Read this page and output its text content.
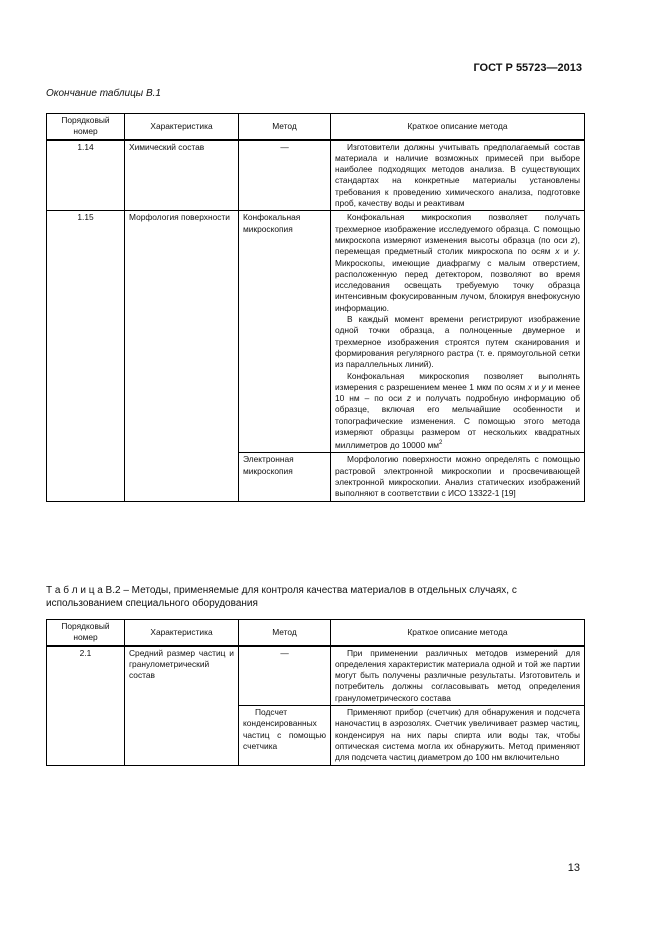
ГОСТ Р 55723—2013
Окончание таблицы В.1
Порядковый номер	Характеристика	Метод	Краткое описание метода
1.14	Химический состав	—	Изготовители должны учитывать предполагаемый состав материала и наличие возможных примесей при выборе наиболее подходящих методов анализа. В существующих стандартах на конкретные материалы установлены требования к проведению химического анализа, подготовке проб, качеству воды и реактивам

1.15	Морфология поверхности	Конфокальная микроскопия	Конфокальная микроскопия позволяет получать трехмерное изображение исследуемого образца. С помощью микроскопа измеряют изменения высоты образца (по оси z), перемещая предметный столик микроскопа по осям x и y. Микроскопы, имеющие диафрагму с малым отверстием, расположенную перед детектором, позволяют во время исследования освещать требуемую точку образца интенсивным фокусированным лучом, блокируя внефокусную информацию.

В каждый момент времени регистрируют изображение одной точки образца, а полноценные двумерное и трехмерное изображения строятся путем сканирования и формирования регулярного растра (т. е. прямоугольной сетки из параллельных линий).

Конфокальная микроскопия позволяет выполнять измерения с разрешением менее 1 мкм по осям x и y и менее 10 нм – по оси z и получать подробную информацию об образце, включая его мельчайшие особенности и топографические изменения. С помощью этого метода измеряют образцы размером от нескольких квадратных миллиметров до 10000 $мм^2$

		Электронная микроскопия	Морфологию поверхности можно определять с помощью растровой электронной микроскопии и просвечивающей электронной микроскопии. Анализ статических изображений выполняют в соответствии с ИСО 13322-1 [19]

Т а б л и ц а В.2 – Методы, применяемые для контроля качества материалов в отдельных случаях, с использованием специального оборудования
Порядковый номер	Характеристика	Метод	Краткое описание метода
2.1	Средний размер частиц и гранулометрический состав	—	При применении различных методов измерений для определения характеристик материала одной и той же партии могут быть получены различные результаты. Изготовитель и потребитель должны согласовывать метод определения гранулометрического состава

		Подсчет конденсированных частиц с помощью счетчика	Применяют прибор (счетчик) для обнаружения и подсчета наночастиц в аэрозолях. Счетчик увеличивает размер частиц, конденсируя на них пары спирта или воды так, чтобы оптическая система могла их обнаружить. Метод применяют для подсчета частиц диаметром до 100 нм включительно

13
